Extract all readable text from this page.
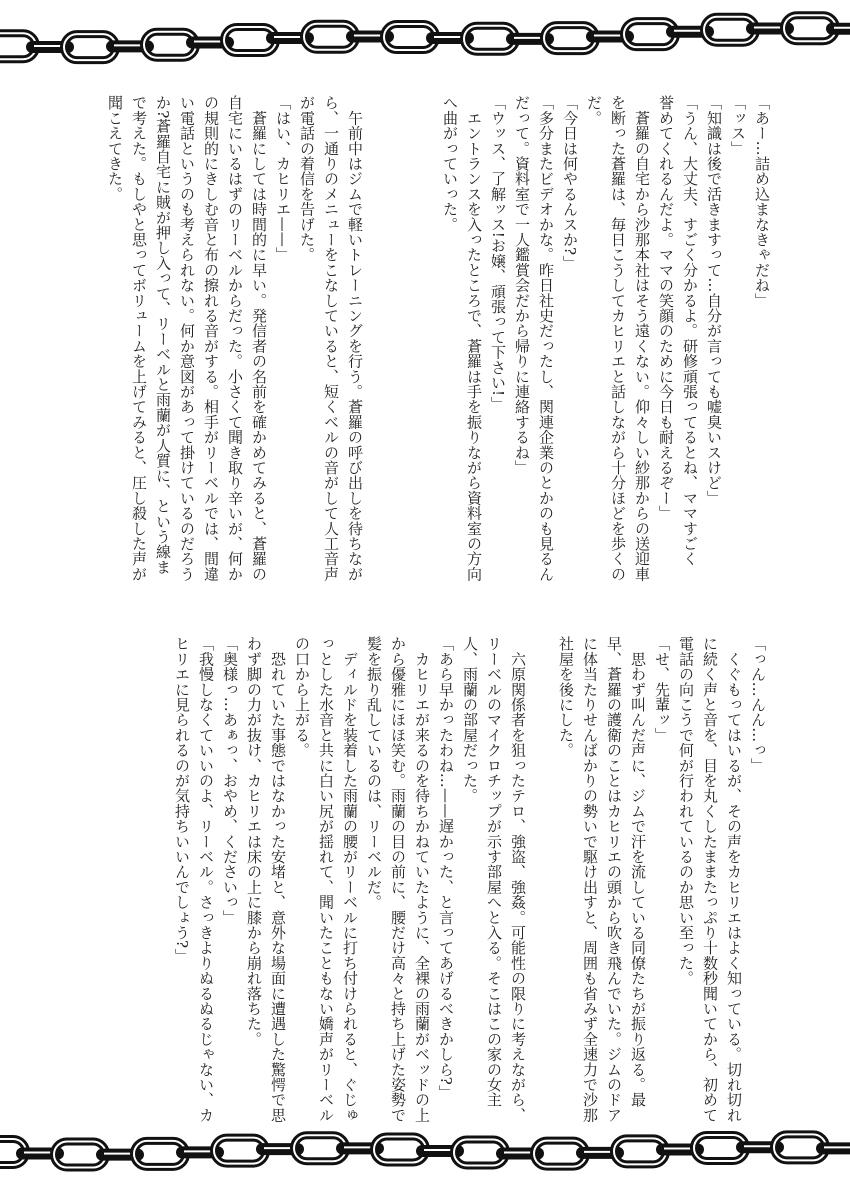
「あー…詰め込まなきゃだね」
「ッス」
「知識は後で活きますって…自分が言っても嘘臭いスけど」
「うん、大丈夫、すごく分かるよ。研修頑張ってるとね、ママすごく
誉めてくれるんだよ。ママの笑顔のために今日も耐えるぞー」
　蒼羅の自宅から沙那本社はそう遠くない。仰々しい紗那からの送迎車
を断った蒼羅は、毎日こうしてカヒリエと話しながら十分ほどを歩くの
だ。
「今日は何やるんスか?」
「多分またビデオかな。昨日社史だったし、関連企業のとかのも見るん
だって。資料室で一人鑑賞会だから帰りに連絡するね」
「ウッス、了解ッス!お嬢、頑張って下さい!」
　エントランスを入ったところで、蒼羅は手を振りながら資料室の方向
へ曲がっていった。
　午前中はジムで軽いトレーニングを行う。蒼羅の呼び出しを待ちなが
ら、一通りのメニューをこなしていると、短くベルの音がして人工音声
が電話の着信を告げた。
「はい、カヒリエ——」
　蒼羅にしては時間的に早い。発信者の名前を確かめてみると、蒼羅の
自宅にいるはずのリーベルからだった。小さくて聞き取り辛いが、何か
の規則的にきしむ音と布の擦れる音がする。相手がリーベルでは、間違
い電話というのも考えられない。何か意図があって掛けているのだろう
か?蒼羅自宅に賊が押し入って、リーベルと雨蘭が人質に、という線ま
で考えた。もしやと思ってボリュームを上げてみると、圧し殺した声が
聞こえてきた。
「っん…んん…っ」
　くぐもってはいるが、その声をカヒリエはよく知っている。切れ切れ
に続く声と音を、目を丸くしたままたっぷり十数秒聞いてから、初めて
電話の向こうで何が行われているのか思い至った。
「せ、先輩ッ」
　思わず叫んだ声に、ジムで汗を流している同僚たちが振り返る。最
早、蒼羅の護衛のことはカヒリエの頭から吹き飛んでいた。ジムのドア
に体当たりせんばかりの勢いで駆け出すと、周囲も省みず全速力で沙那
社屋を後にした。

　六原関係者を狙ったテロ、強盗、強姦。可能性の限りに考えながら、
リーベルのマイクロチップが示す部屋へと入る。そこはこの家の女主
人、雨蘭の部屋だった。
「あら早かったわね…——遅かった、と言ってあげるべきかしら?」
　カヒリエが来るのを待ちかねていたように、全裸の雨蘭がベッドの上
から優雅にほほ笑む。雨蘭の目の前に、腰だけ高々と持ち上げた姿勢で
髪を振り乱しているのは、リーベルだ。
　ディルドを装着した雨蘭の腰がリーベルに打ち付けられると、ぐじゅ
っとした水音と共に白い尻が揺れて、聞いたこともない嬌声がリーベル
の口から上がる。
　恐れていた事態ではなかった安堵と、意外な場面に遭遇した驚愕で思
わず脚の力が抜け、カヒリエは床の上に膝から崩れ落ちた。
「奥様っ…あぁっ、おやめ、くださいっ」
「我慢しなくていいのよ、リーベル。さっきよりぬるぬるじゃない、カ
ヒリエに見られるのが気持ちいいんでしょう?」
